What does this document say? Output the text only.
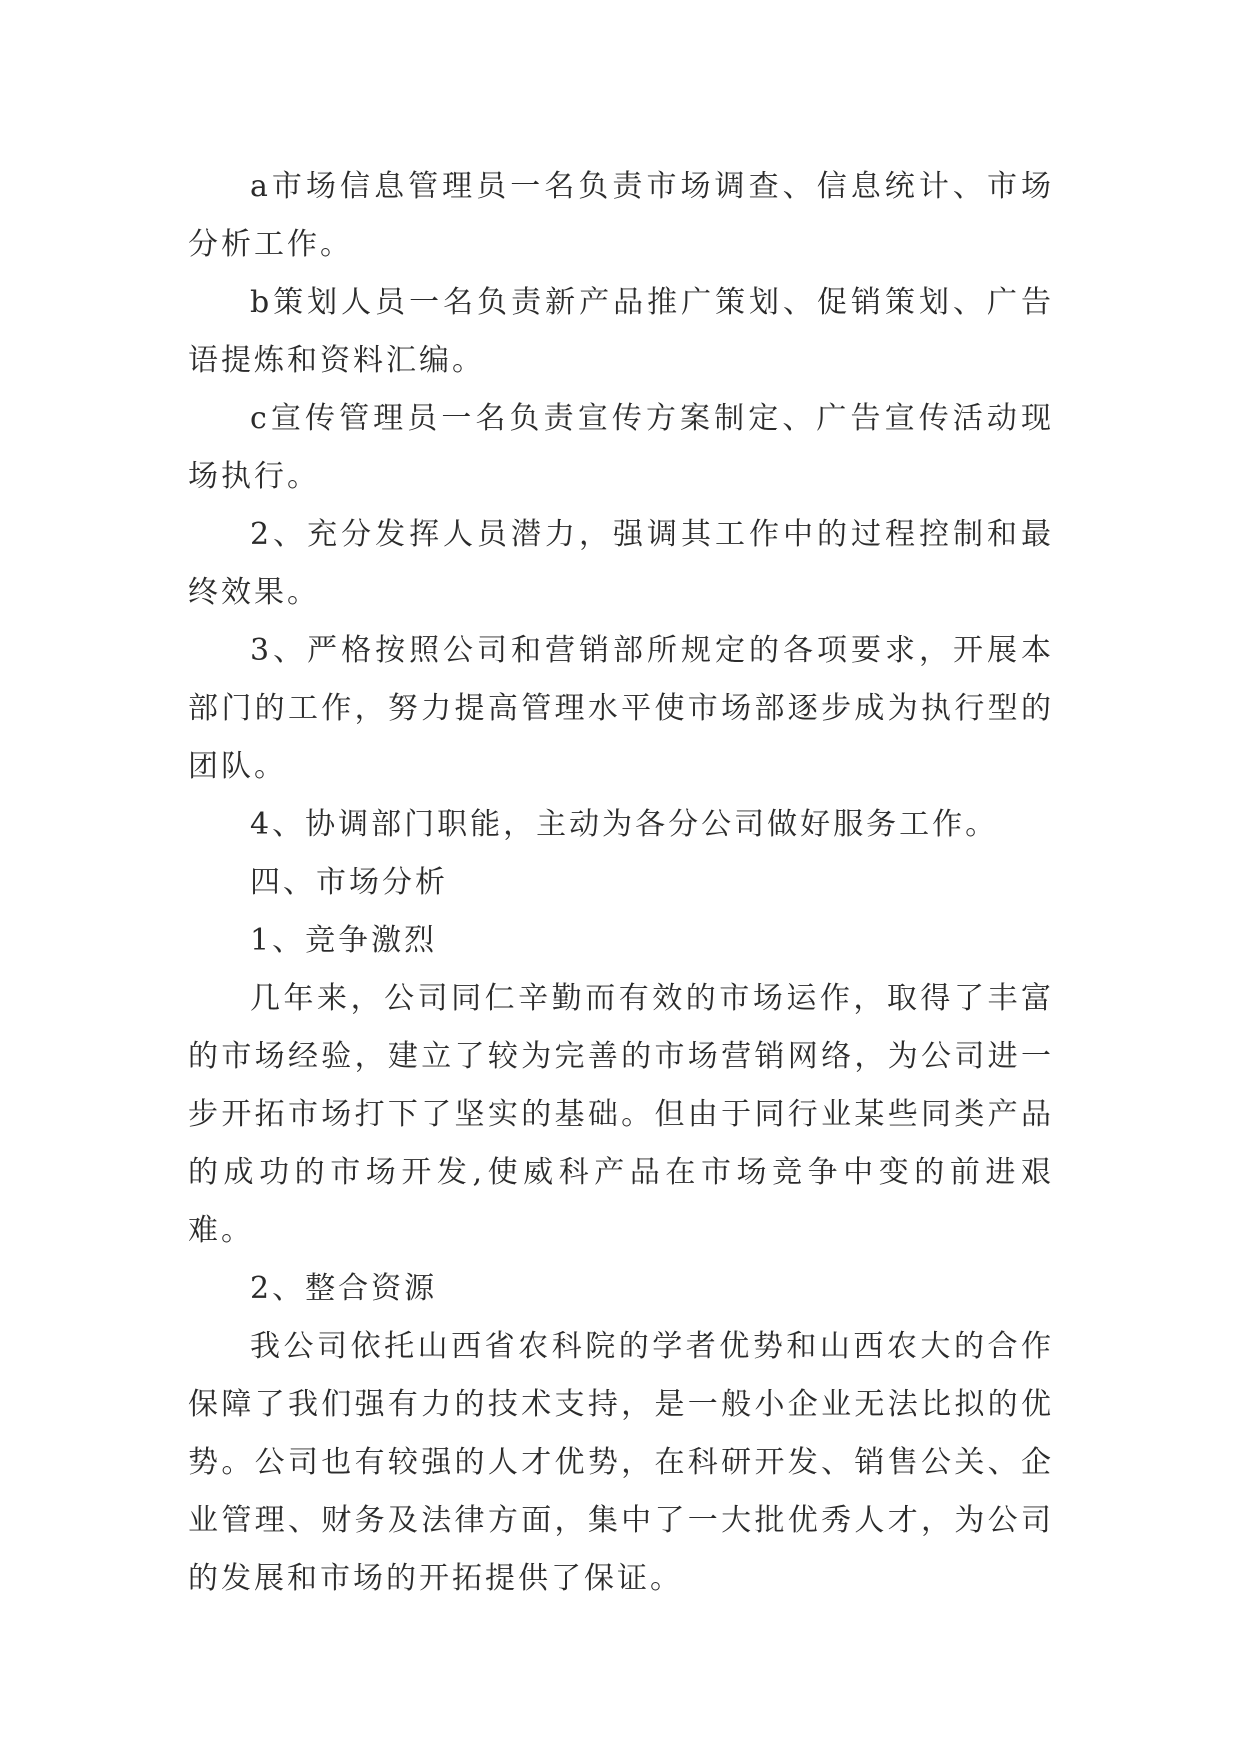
a市场信息管理员一名负责市场调查、信息统计、市场分析工作。

b策划人员一名负责新产品推广策划、促销策划、广告语提炼和资料汇编。

c宣传管理员一名负责宣传方案制定、广告宣传活动现场执行。

2、充分发挥人员潜力，强调其工作中的过程控制和最终效果。

3、严格按照公司和营销部所规定的各项要求，开展本部门的工作，努力提高管理水平使市场部逐步成为执行型的团队。

4、协调部门职能，主动为各分公司做好服务工作。

四、市场分析

1、竞争激烈

几年来，公司同仁辛勤而有效的市场运作，取得了丰富的市场经验，建立了较为完善的市场营销网络，为公司进一步开拓市场打下了坚实的基础。但由于同行业某些同类产品的成功的市场开发,使威科产品在市场竞争中变的前进艰难。

2、整合资源

我公司依托山西省农科院的学者优势和山西农大的合作保障了我们强有力的技术支持，是一般小企业无法比拟的优势。公司也有较强的人才优势，在科研开发、销售公关、企业管理、财务及法律方面，集中了一大批优秀人才，为公司的发展和市场的开拓提供了保证。
